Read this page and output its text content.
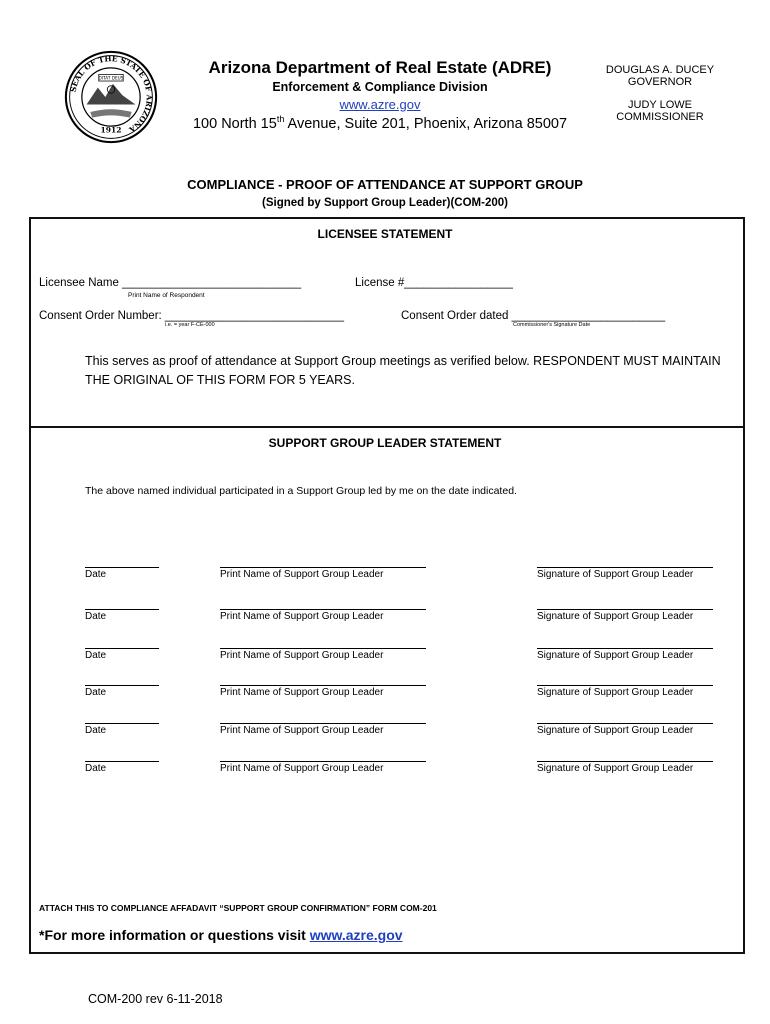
SEAL OF THE STATE OF ARIZONA
DITAT DEUS
1912
Arizona Department of Real Estate (ADRE)
Enforcement & Compliance Division
www.azre.gov
100 North 15th Avenue, Suite 201, Phoenix, Arizona 85007
DOUGLAS A. DUCEY
GOVERNOR
JUDY LOWE
COMMISSIONER
COMPLIANCE - PROOF OF ATTENDANCE AT SUPPORT GROUP
(Signed by Support Group Leader)(COM-200)
LICENSEE STATEMENT
Licensee Name ____________________________
Print Name of Respondent
License #_________________
Consent Order Number: ____________________________
i.e. = year F-CE-000
Consent Order dated ________________________
Commissioner's Signature Date
This serves as proof of attendance at Support Group meetings as verified below. RESPONDENT MUST MAINTAIN THE ORIGINAL OF THIS FORM FOR 5 YEARS.
SUPPORT GROUP LEADER STATEMENT
The above named individual participated in a Support Group led by me on the date indicated.
Date	Print Name of Support Group Leader	Signature of Support Group Leader
Date	Print Name of Support Group Leader	Signature of Support Group Leader
Date	Print Name of Support Group Leader	Signature of Support Group Leader
Date	Print Name of Support Group Leader	Signature of Support Group Leader
Date	Print Name of Support Group Leader	Signature of Support Group Leader
Date	Print Name of Support Group Leader	Signature of Support Group Leader
ATTACH THIS TO COMPLIANCE AFFADAVIT “SUPPORT GROUP CONFIRMATION” FORM COM-201
*For more information or questions visit www.azre.gov
COM-200 rev 6-11-2018
